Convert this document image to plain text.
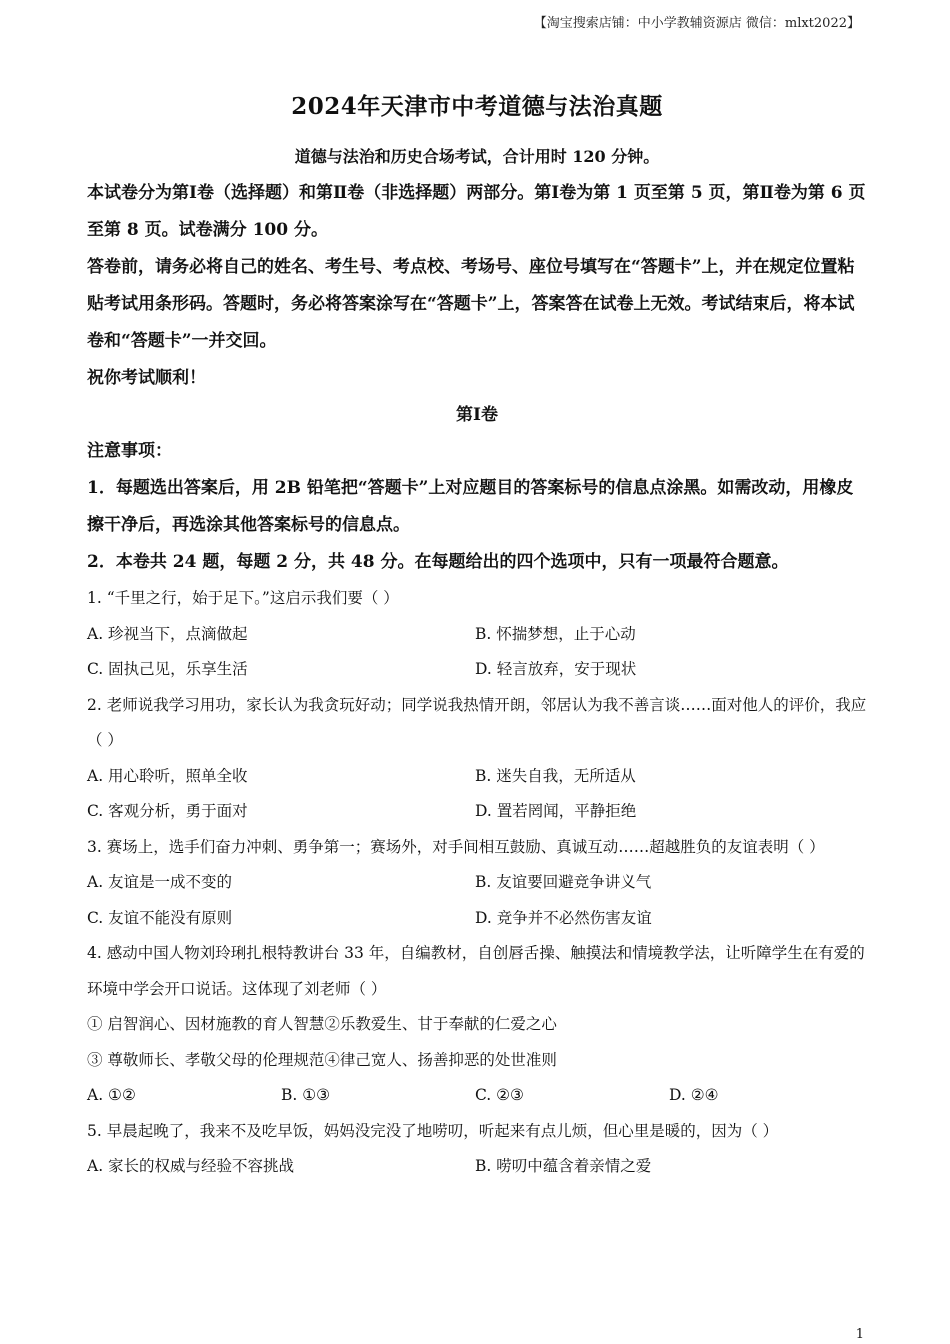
【淘宝搜索店铺：中小学教辅资源店 微信：mlxt2022】
2024年天津市中考道德与法治真题
道德与法治和历史合场考试，合计用时 120 分钟。

本试卷分为第Ⅰ卷（选择题）和第Ⅱ卷（非选择题）两部分。第Ⅰ卷为第 1 页至第 5 页，第Ⅱ卷为第 6 页至第 8 页。试卷满分 100 分。

答卷前，请务必将自己的姓名、考生号、考点校、考场号、座位号填写在“答题卡”上，并在规定位置粘贴考试用条形码。答题时，务必将答案涂写在“答题卡”上，答案答在试卷上无效。考试结束后，将本试卷和“答题卡”一并交回。

祝你考试顺利！

第Ⅰ卷

注意事项：

1．每题选出答案后，用 2B 铅笔把“答题卡”上对应题目的答案标号的信息点涂黑。如需改动，用橡皮擦干净后，再选涂其他答案标号的信息点。

2．本卷共 24 题，每题 2 分，共 48 分。在每题给出的四个选项中，只有一项最符合题意。

1. “千里之行，始于足下。”这启示我们要（ ）

A. 珍视当下，点滴做起	B. 怀揣梦想，止于心动
C. 固执己见，乐享生活	D. 轻言放弃，安于现状

2. 老师说我学习用功，家长认为我贪玩好动；同学说我热情开朗，邻居认为我不善言谈……面对他人的评价，我应（ ）

A. 用心聆听，照单全收	B. 迷失自我，无所适从
C. 客观分析，勇于面对	D. 置若罔闻，平静拒绝

3. 赛场上，选手们奋力冲刺、勇争第一；赛场外，对手间相互鼓励、真诚互动……超越胜负的友谊表明（ ）

A. 友谊是一成不变的	B. 友谊要回避竞争讲义气
C. 友谊不能没有原则	D. 竞争并不必然伤害友谊

4. 感动中国人物刘玲琍扎根特教讲台 33 年，自编教材，自创唇舌操、触摸法和情境教学法，让听障学生在有爱的环境中学会开口说话。这体现了刘老师（ ）

① 启智润心、因材施教的育人智慧②乐教爱生、甘于奉献的仁爱之心

③ 尊敬师长、孝敬父母的伦理规范④律己宽人、扬善抑恶的处世准则

A. ①②	B. ①③	C. ②③	D. ②④

5. 早晨起晚了，我来不及吃早饭，妈妈没完没了地唠叨，听起来有点儿烦，但心里是暖的，因为（ ）

A. 家长的权威与经验不容挑战	B. 唠叨中蕴含着亲情之爱
1
